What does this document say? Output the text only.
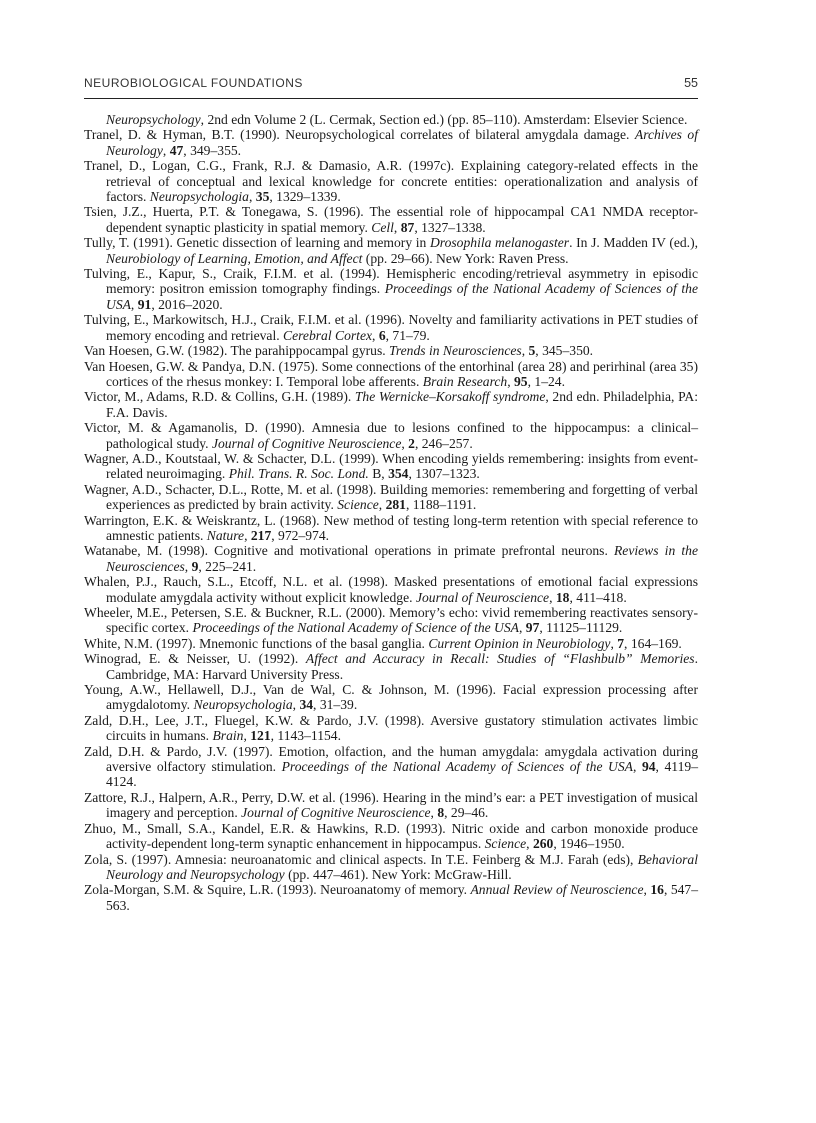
NEUROBIOLOGICAL FOUNDATIONS	55

Neuropsychology, 2nd edn Volume 2 (L. Cermak, Section ed.) (pp. 85–110). Amsterdam: Elsevier Science.

Tranel, D. & Hyman, B.T. (1990). Neuropsychological correlates of bilateral amygdala damage. Archives of Neurology, 47, 349–355.

Tranel, D., Logan, C.G., Frank, R.J. & Damasio, A.R. (1997c). Explaining category-related effects in the retrieval of conceptual and lexical knowledge for concrete entities: operationalization and analysis of factors. Neuropsychologia, 35, 1329–1339.

Tsien, J.Z., Huerta, P.T. & Tonegawa, S. (1996). The essential role of hippocampal CA1 NMDA receptor-dependent synaptic plasticity in spatial memory. Cell, 87, 1327–1338.

Tully, T. (1991). Genetic dissection of learning and memory in Drosophila melanogaster. In J. Madden IV (ed.), Neurobiology of Learning, Emotion, and Affect (pp. 29–66). New York: Raven Press.

Tulving, E., Kapur, S., Craik, F.I.M. et al. (1994). Hemispheric encoding/retrieval asymmetry in episodic memory: positron emission tomography findings. Proceedings of the National Academy of Sciences of the USA, 91, 2016–2020.

Tulving, E., Markowitsch, H.J., Craik, F.I.M. et al. (1996). Novelty and familiarity activations in PET studies of memory encoding and retrieval. Cerebral Cortex, 6, 71–79.

Van Hoesen, G.W. (1982). The parahippocampal gyrus. Trends in Neurosciences, 5, 345–350.

Van Hoesen, G.W. & Pandya, D.N. (1975). Some connections of the entorhinal (area 28) and perirhinal (area 35) cortices of the rhesus monkey: I. Temporal lobe afferents. Brain Research, 95, 1–24.

Victor, M., Adams, R.D. & Collins, G.H. (1989). The Wernicke–Korsakoff syndrome, 2nd edn. Philadelphia, PA: F.A. Davis.

Victor, M. & Agamanolis, D. (1990). Amnesia due to lesions confined to the hippocampus: a clinical–pathological study. Journal of Cognitive Neuroscience, 2, 246–257.

Wagner, A.D., Koutstaal, W. & Schacter, D.L. (1999). When encoding yields remembering: insights from event-related neuroimaging. Phil. Trans. R. Soc. Lond. B, 354, 1307–1323.

Wagner, A.D., Schacter, D.L., Rotte, M. et al. (1998). Building memories: remembering and forgetting of verbal experiences as predicted by brain activity. Science, 281, 1188–1191.

Warrington, E.K. & Weiskrantz, L. (1968). New method of testing long-term retention with special reference to amnestic patients. Nature, 217, 972–974.

Watanabe, M. (1998). Cognitive and motivational operations in primate prefrontal neurons. Reviews in the Neurosciences, 9, 225–241.

Whalen, P.J., Rauch, S.L., Etcoff, N.L. et al. (1998). Masked presentations of emotional facial expressions modulate amygdala activity without explicit knowledge. Journal of Neuroscience, 18, 411–418.

Wheeler, M.E., Petersen, S.E. & Buckner, R.L. (2000). Memory’s echo: vivid remembering reactivates sensory-specific cortex. Proceedings of the National Academy of Science of the USA, 97, 11125–11129.

White, N.M. (1997). Mnemonic functions of the basal ganglia. Current Opinion in Neurobiology, 7, 164–169.

Winograd, E. & Neisser, U. (1992). Affect and Accuracy in Recall: Studies of “Flashbulb” Memories. Cambridge, MA: Harvard University Press.

Young, A.W., Hellawell, D.J., Van de Wal, C. & Johnson, M. (1996). Facial expression processing after amygdalotomy. Neuropsychologia, 34, 31–39.

Zald, D.H., Lee, J.T., Fluegel, K.W. & Pardo, J.V. (1998). Aversive gustatory stimulation activates limbic circuits in humans. Brain, 121, 1143–1154.

Zald, D.H. & Pardo, J.V. (1997). Emotion, olfaction, and the human amygdala: amygdala activation during aversive olfactory stimulation. Proceedings of the National Academy of Sciences of the USA, 94, 4119–4124.

Zattore, R.J., Halpern, A.R., Perry, D.W. et al. (1996). Hearing in the mind’s ear: a PET investigation of musical imagery and perception. Journal of Cognitive Neuroscience, 8, 29–46.

Zhuo, M., Small, S.A., Kandel, E.R. & Hawkins, R.D. (1993). Nitric oxide and carbon monoxide produce activity-dependent long-term synaptic enhancement in hippocampus. Science, 260, 1946–1950.

Zola, S. (1997). Amnesia: neuroanatomic and clinical aspects. In T.E. Feinberg & M.J. Farah (eds), Behavioral Neurology and Neuropsychology (pp. 447–461). New York: McGraw-Hill.

Zola-Morgan, S.M. & Squire, L.R. (1993). Neuroanatomy of memory. Annual Review of Neuroscience, 16, 547–563.
